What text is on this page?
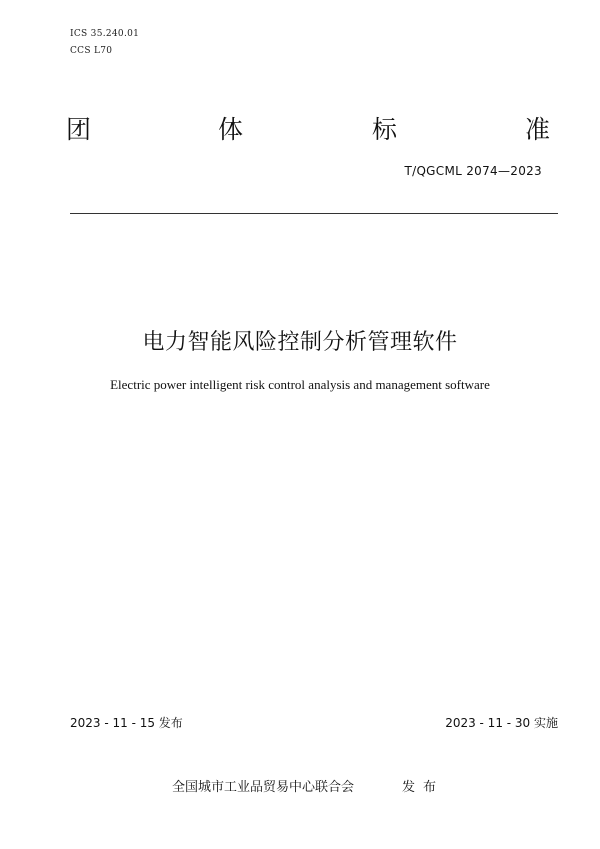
ICS 35.240.01
CCS L70
团	体	标	准
T/QGCML 2074—2023
电力智能风险控制分析管理软件
Electric power intelligent risk control analysis and management software
2023 - 11 - 15 发布	2023 - 11 - 30 实施
全国城市工业品贸易中心联合会	发布
